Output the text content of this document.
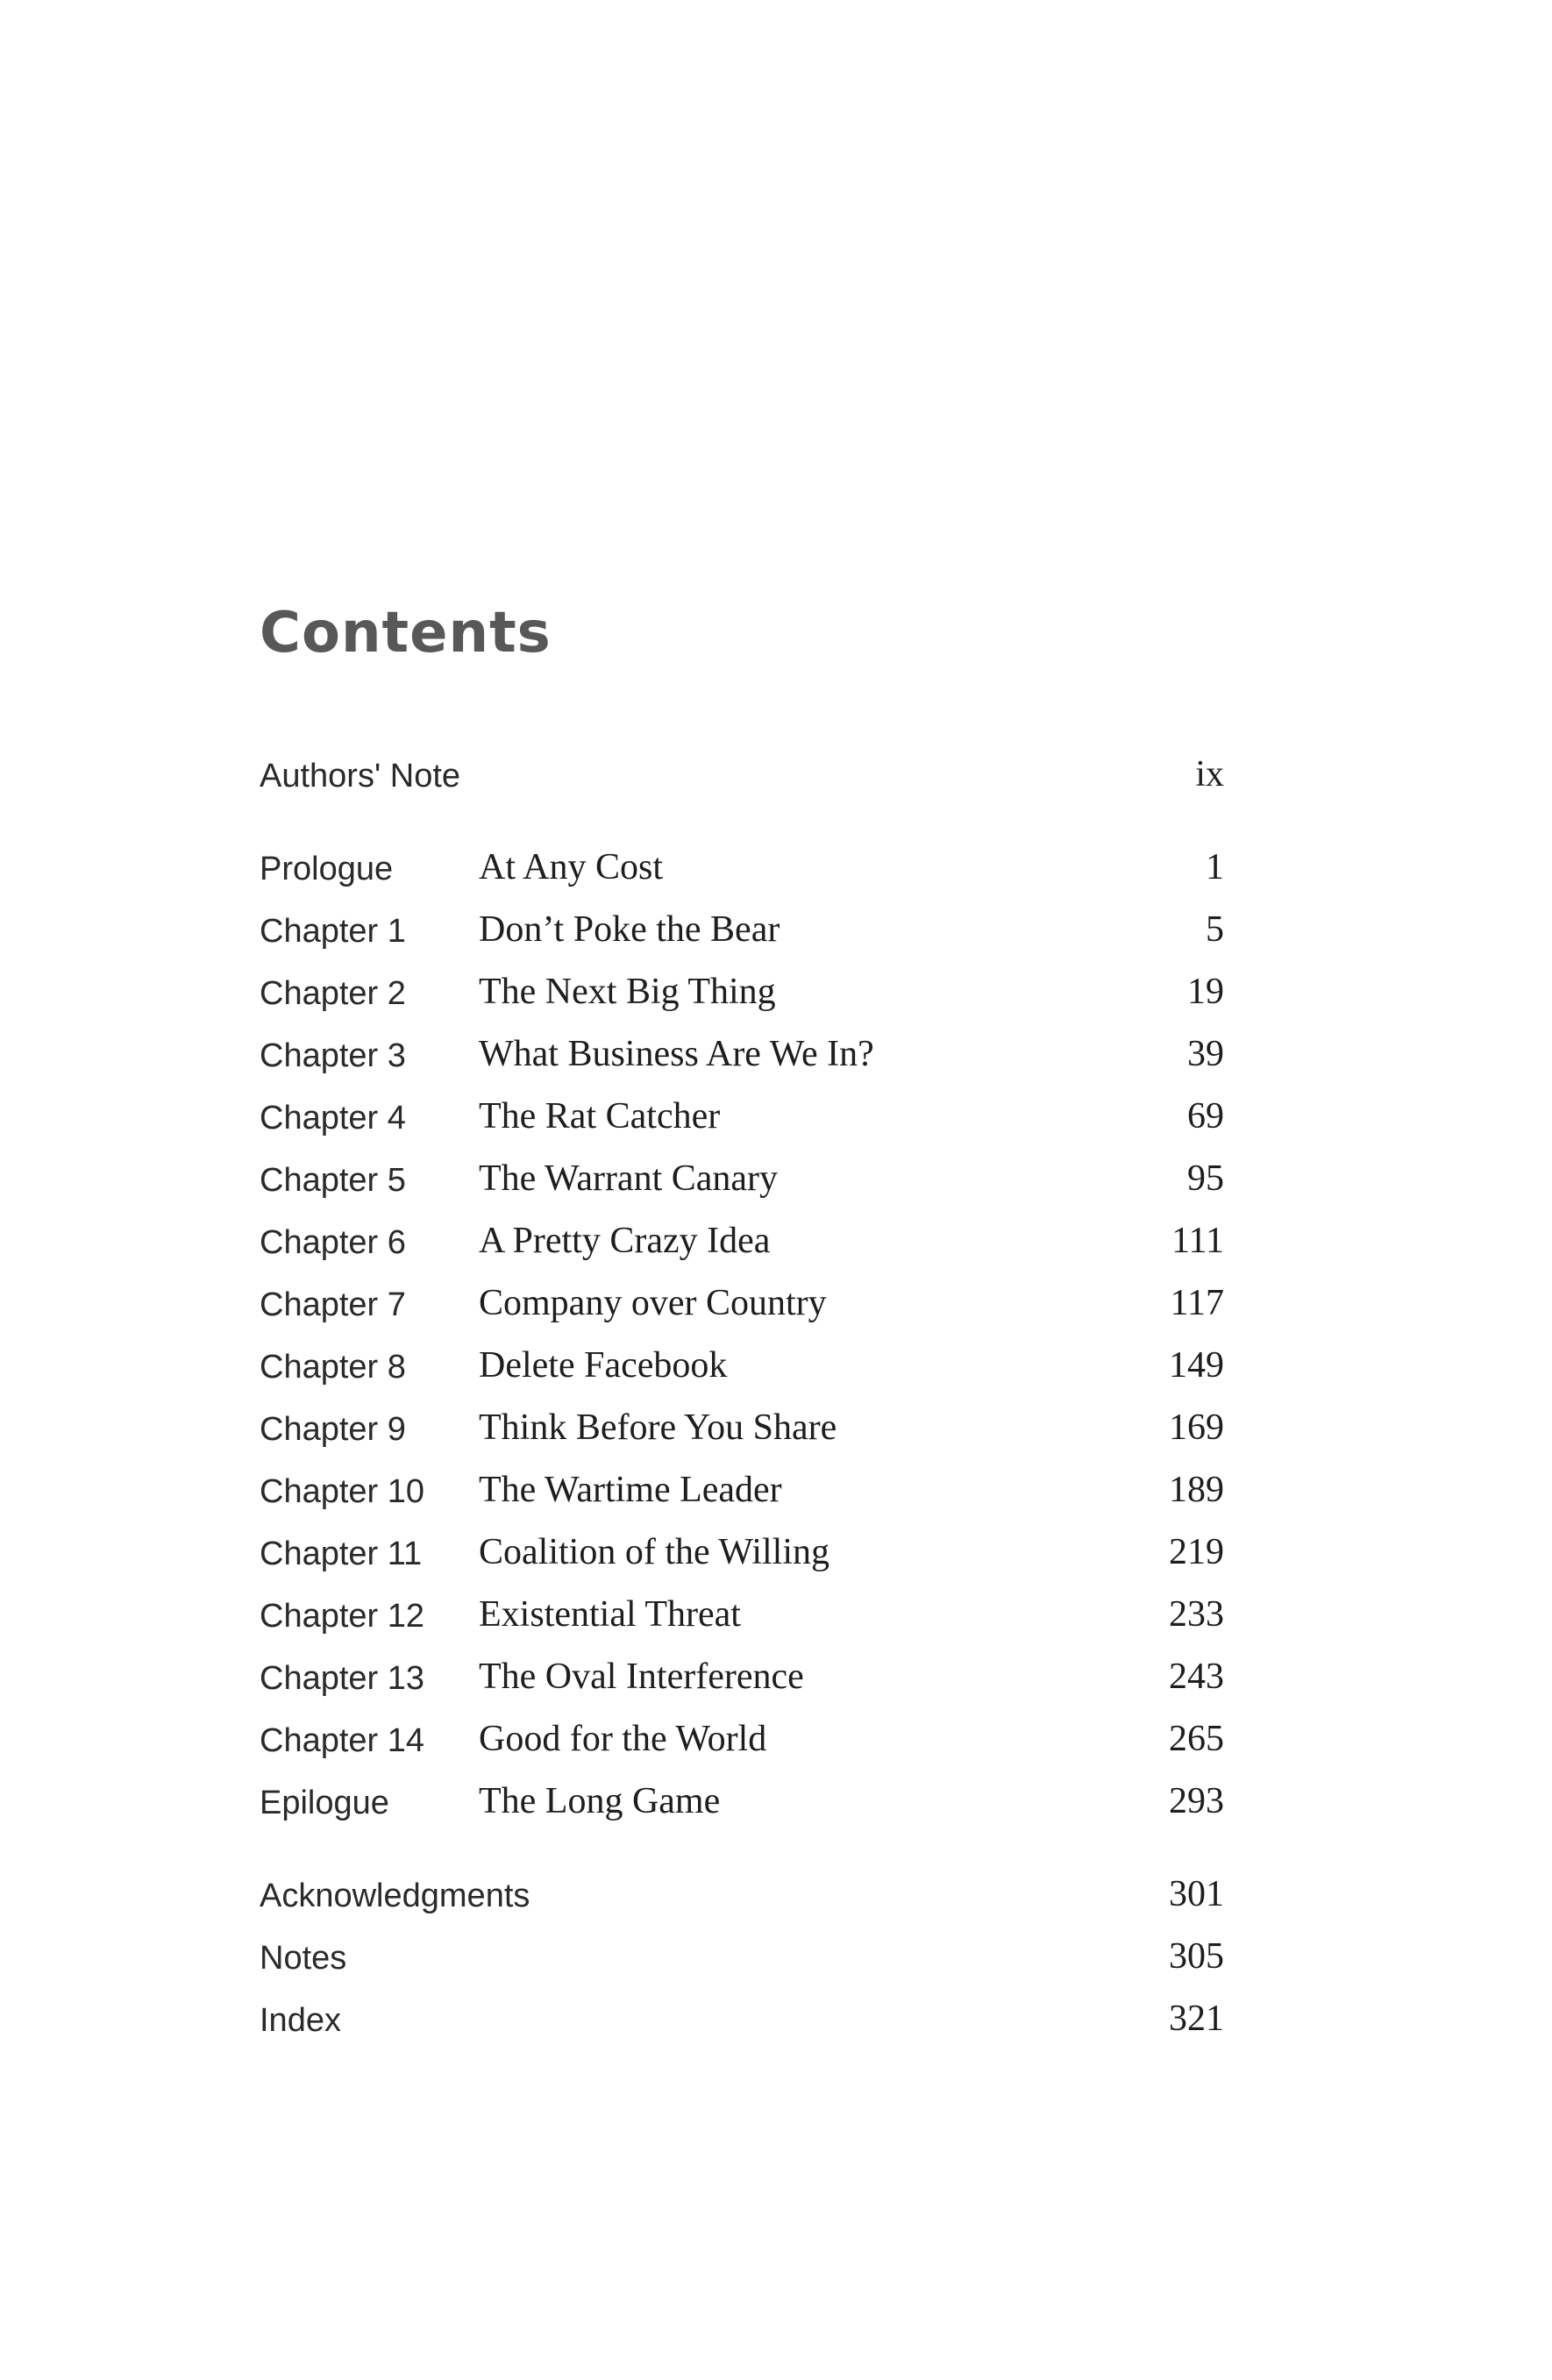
Contents
Authors' Note	ix
Prologue At Any Cost	1
Chapter 1 Don’t Poke the Bear	5
Chapter 2 The Next Big Thing	19
Chapter 3 What Business Are We In?	39
Chapter 4 The Rat Catcher	69
Chapter 5 The Warrant Canary	95
Chapter 6 A Pretty Crazy Idea	111
Chapter 7 Company over Country	117
Chapter 8 Delete Facebook	149
Chapter 9 Think Before You Share	169
Chapter 10 The Wartime Leader	189
Chapter 11 Coalition of the Willing	219
Chapter 12 Existential Threat	233
Chapter 13 The Oval Interference	243
Chapter 14 Good for the World	265
Epilogue The Long Game	293
Acknowledgments	301
Notes	305
Index	321
